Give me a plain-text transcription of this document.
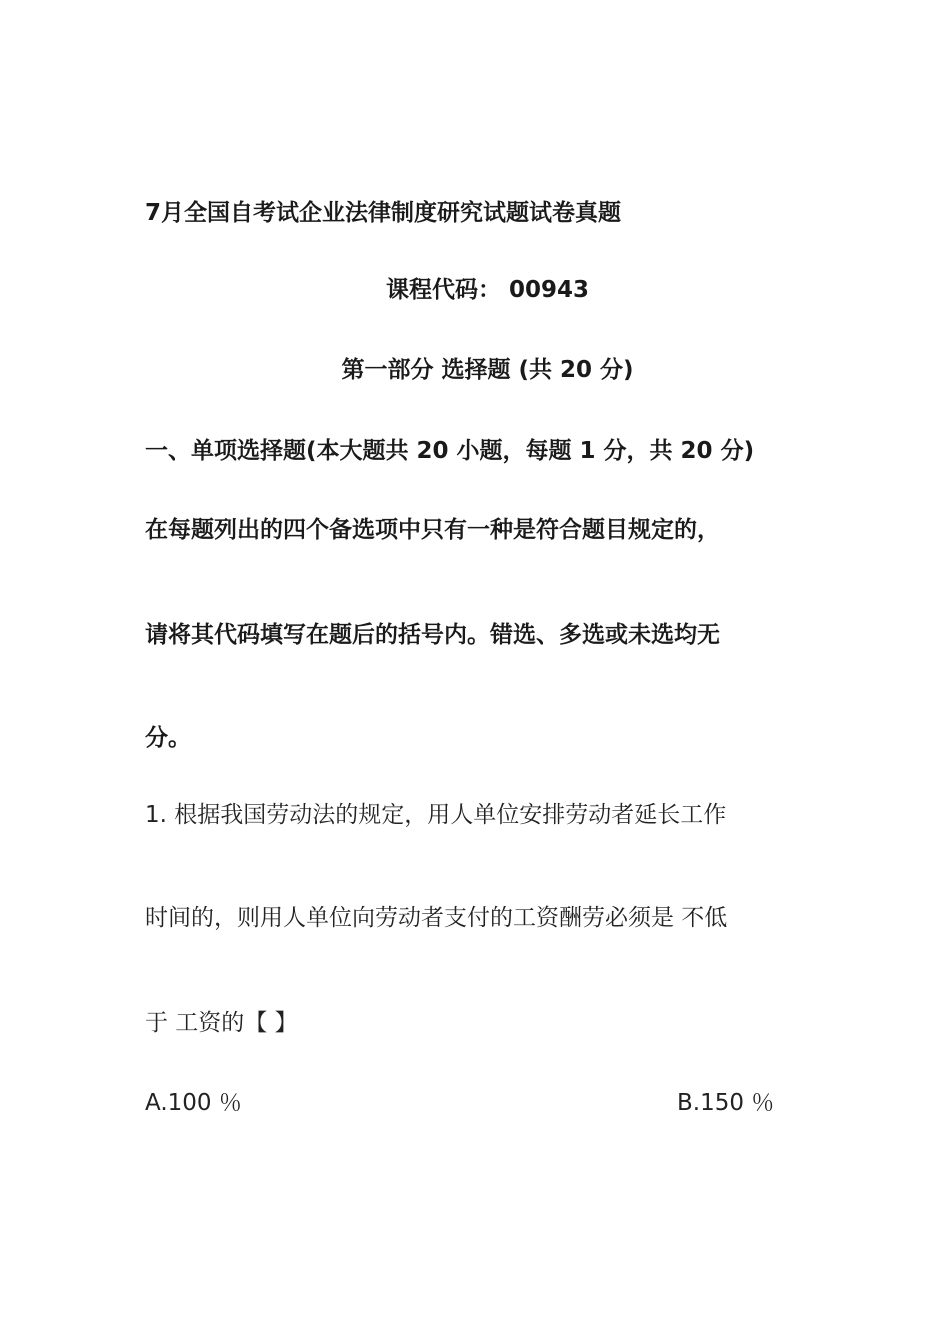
7月全国自考试企业法律制度研究试题试卷真题
课程代码： 00943
第一部分 选择题 (共 20 分)
一、单项选择题(本大题共 20 小题，每题 1 分，共 20 分)
在每题列出的四个备选项中只有一种是符合题目规定的，
请将其代码填写在题后的括号内。错选、多选或未选均无
分。
1. 根据我国劳动法的规定，用人单位安排劳动者延长工作
时间的，则用人单位向劳动者支付的工资酬劳必须是 不低
于 工资的【 】
A.100 ％	B.150 ％
